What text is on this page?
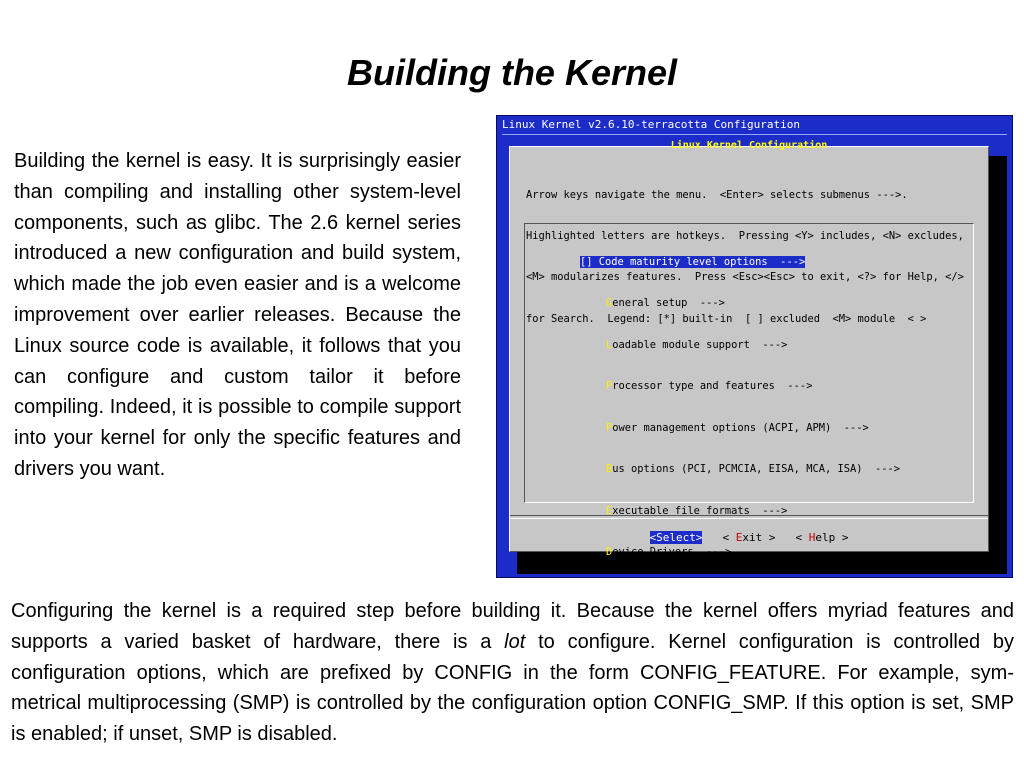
Building the Kernel
Building the kernel is easy. It is surprisingly easier than compiling and installing other system-level components, such as glibc. The 2.6 kernel series introduced a new configuration and build system, which made the job even easier and is a welcome improvement over earlier releases. Because the Linux source code is available, it follows that you can configure and custom tailor it before compiling. Indeed, it is possible to compile support into your kernel for only the specific features and drivers you want.
Linux Kernel v2.6.10-terracotta Configuration
Linux Kernel Configuration

Arrow keys navigate the menu.  <Enter> selects submenus --->.

Highlighted letters are hotkeys.  Pressing <Y> includes, <N> excludes,

<M> modularizes features.  Press <Esc><Esc> to exit, <?> for Help, </>

for Search.  Legend: [*] built-in  [ ] excluded  <M> module  < >

[] Code maturity level options  --->

General setup  --->

Loadable module support  --->

Processor type and features  --->

Power management options (ACPI, APM)  --->

Bus options (PCI, PCMCIA, EISA, MCA, ISA)  --->

Executable file formats  --->

Device Drivers  --->

<Select> < Exit > < Help >
Configuring the kernel is a required step before building it. Because the kernel offers myriad features and supports a varied basket of hardware, there is a lot to configure. Kernel configuration is controlled by configuration options, which are prefixed by CONFIG in the form CONFIG_FEATURE. For example, sym- metrical multiprocessing (SMP) is controlled by the configuration option CONFIG_SMP. If this option is set, SMP is enabled; if unset, SMP is disabled.
